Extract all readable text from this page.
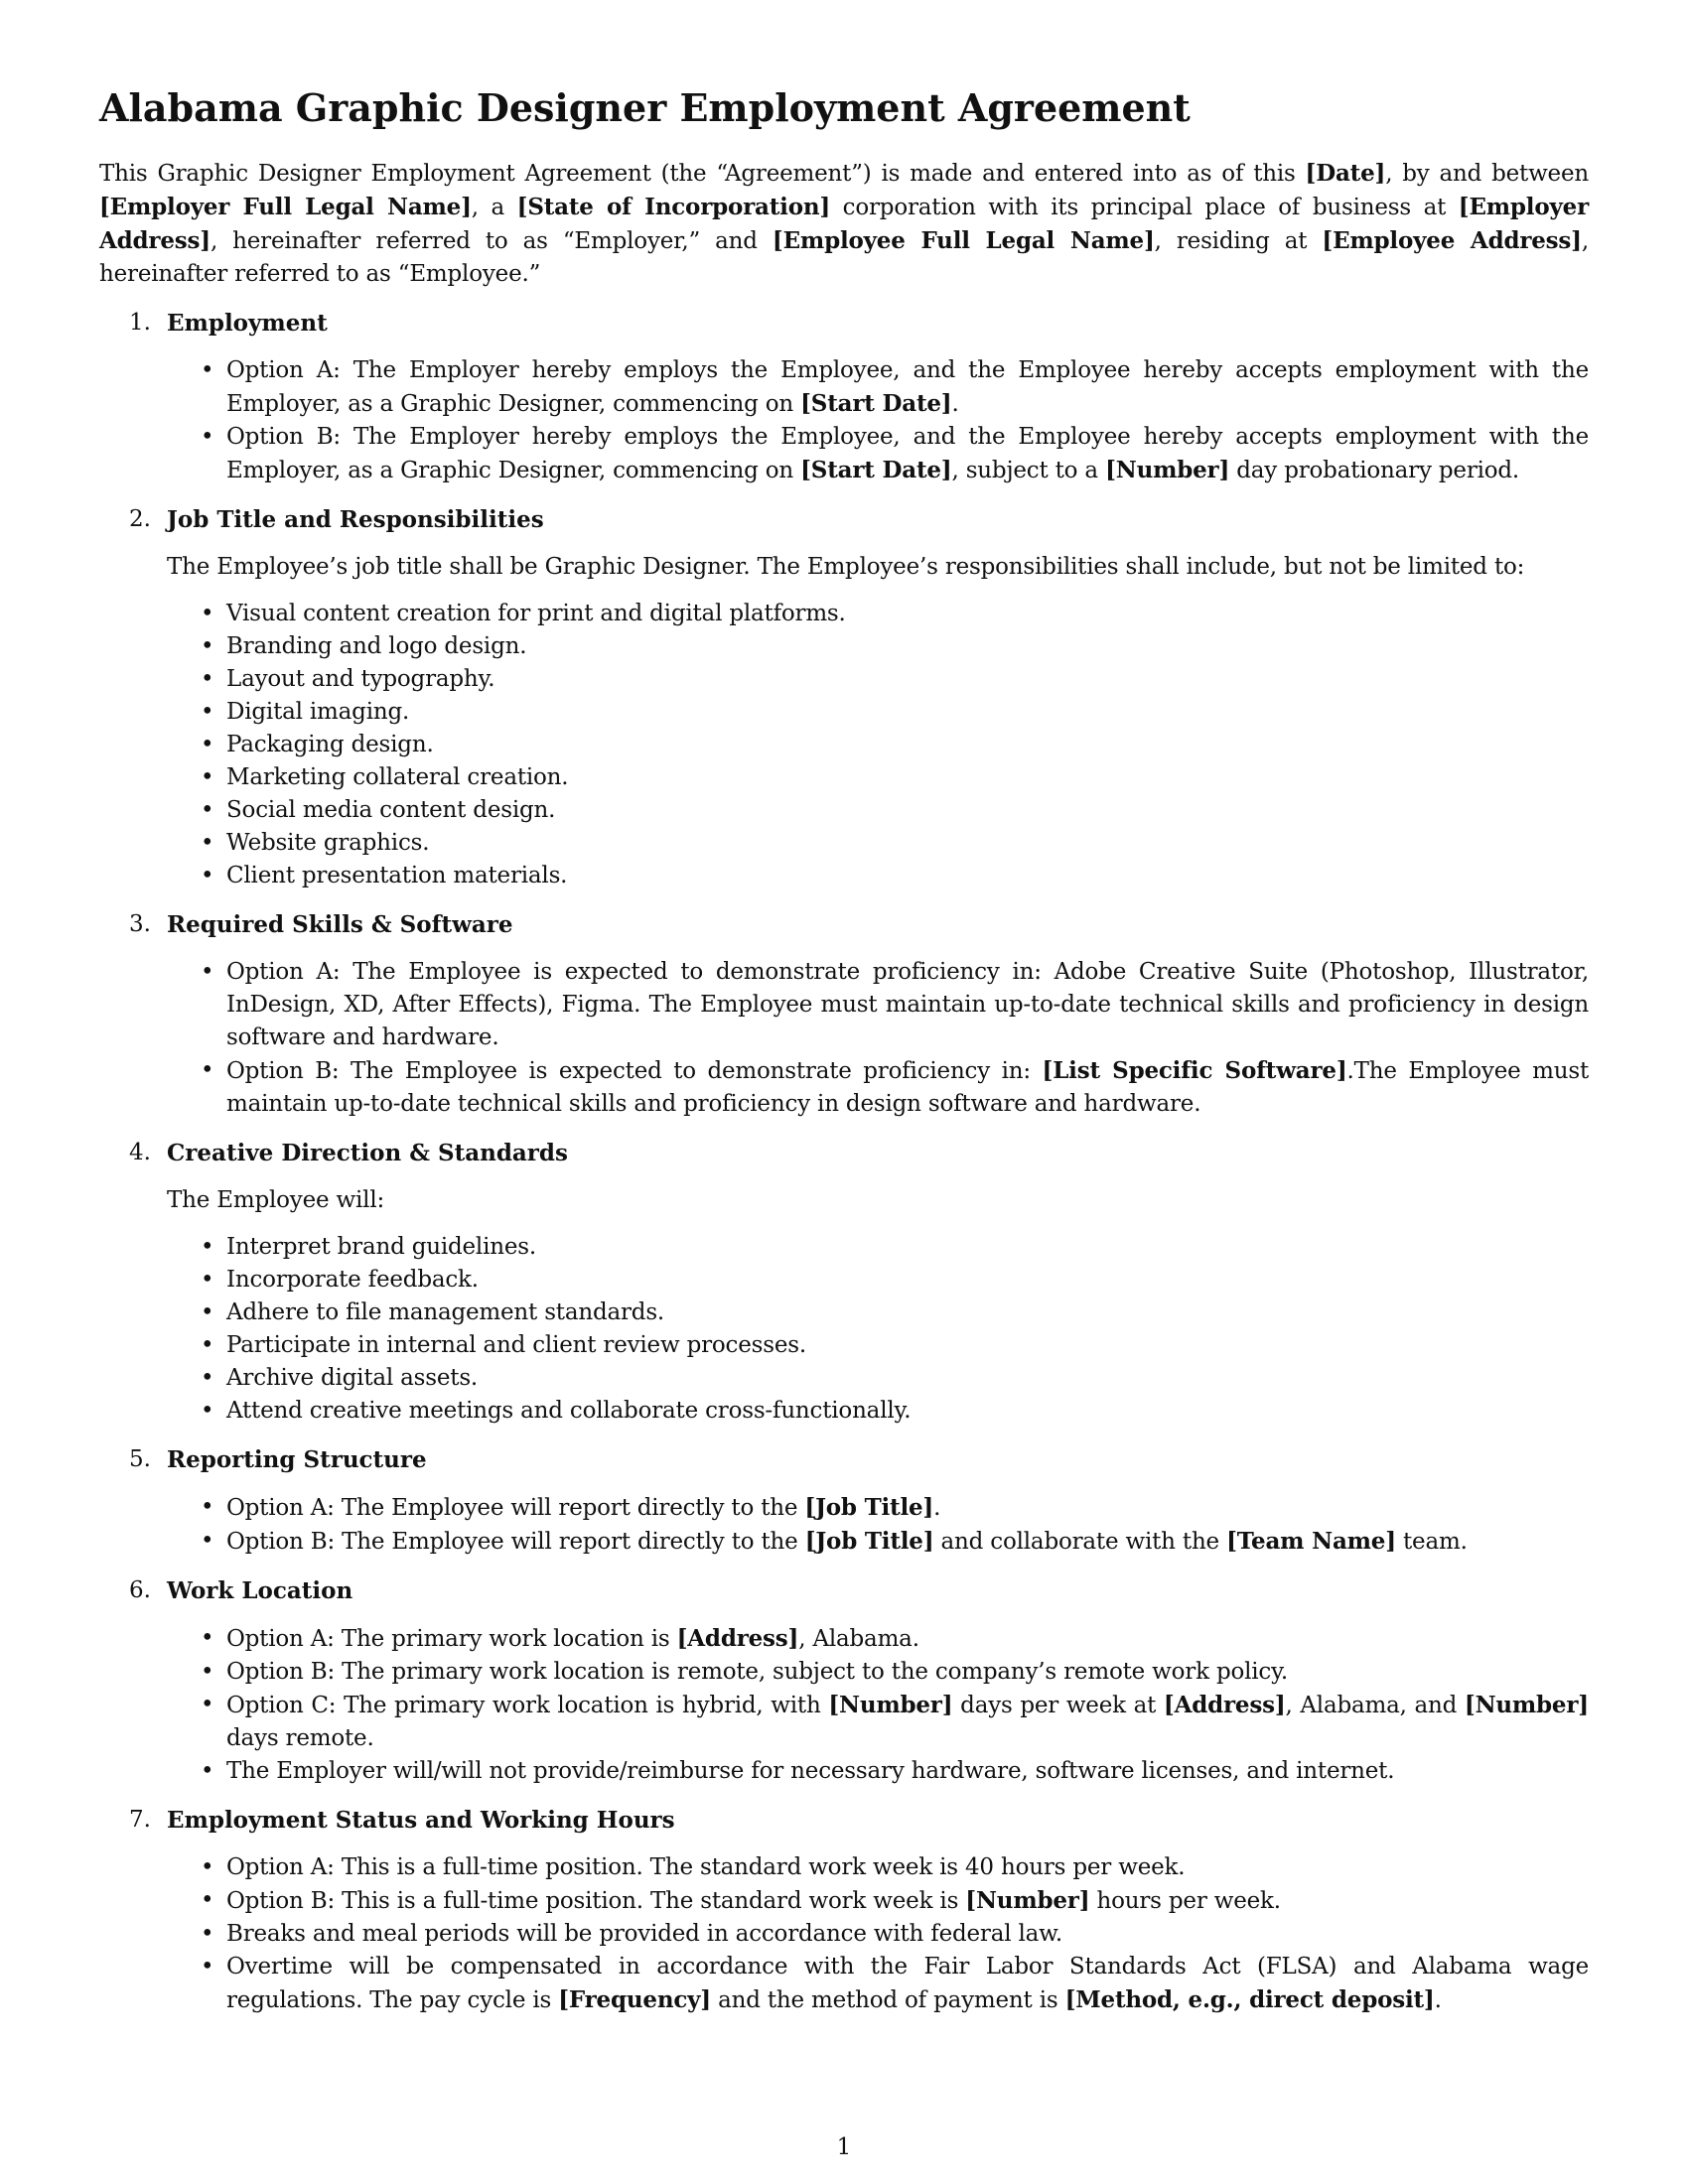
Alabama Graphic Designer Employment Agreement

This Graphic Designer Employment Agreement (the “Agreement”) is made and entered into as of this [Date], by and between [Employer Full Legal Name], a [State of Incorporation] corporation with its principal place of business at [Employer Address], hereinafter referred to as “Employer,” and [Employee Full Legal Name], residing at [Employee Address], hereinafter referred to as “Employee.”

1. Employment
• Option A: The Employer hereby employs the Employee, and the Employee hereby accepts employment with the Employer, as a Graphic Designer, commencing on [Start Date].
• Option B: The Employer hereby employs the Employee, and the Employee hereby accepts employment with the Employer, as a Graphic Designer, commencing on [Start Date], subject to a [Number] day probationary period.
2. Job Title and Responsibilities

The Employee’s job title shall be Graphic Designer. The Employee’s responsibilities shall include, but not be limited to:

• Visual content creation for print and digital platforms.
• Branding and logo design.
• Layout and typography.
• Digital imaging.
• Packaging design.
• Marketing collateral creation.
• Social media content design.
• Website graphics.
• Client presentation materials.
3. Required Skills & Software
• Option A: The Employee is expected to demonstrate proficiency in: Adobe Creative Suite (Photoshop, Illustrator, InDesign, XD, After Effects), Figma. The Employee must maintain up-to-date technical skills and proficiency in design software and hardware.
• Option B: The Employee is expected to demonstrate proficiency in: [List Specific Software].The Employee must maintain up-to-date technical skills and proficiency in design software and hardware.
4. Creative Direction & Standards

The Employee will:

• Interpret brand guidelines.
• Incorporate feedback.
• Adhere to file management standards.
• Participate in internal and client review processes.
• Archive digital assets.
• Attend creative meetings and collaborate cross-functionally.
5. Reporting Structure
• Option A: The Employee will report directly to the [Job Title].
• Option B: The Employee will report directly to the [Job Title] and collaborate with the [Team Name] team.
6. Work Location
• Option A: The primary work location is [Address], Alabama.
• Option B: The primary work location is remote, subject to the company’s remote work policy.
• Option C: The primary work location is hybrid, with [Number] days per week at [Address], Alabama, and [Number] days remote.
• The Employer will/will not provide/reimburse for necessary hardware, software licenses, and internet.
7. Employment Status and Working Hours
• Option A: This is a full-time position. The standard work week is 40 hours per week.
• Option B: This is a full-time position. The standard work week is [Number] hours per week.
• Breaks and meal periods will be provided in accordance with federal law.
• Overtime will be compensated in accordance with the Fair Labor Standards Act (FLSA) and Alabama wage regulations. The pay cycle is [Frequency] and the method of payment is [Method, e.g., direct deposit].
1
